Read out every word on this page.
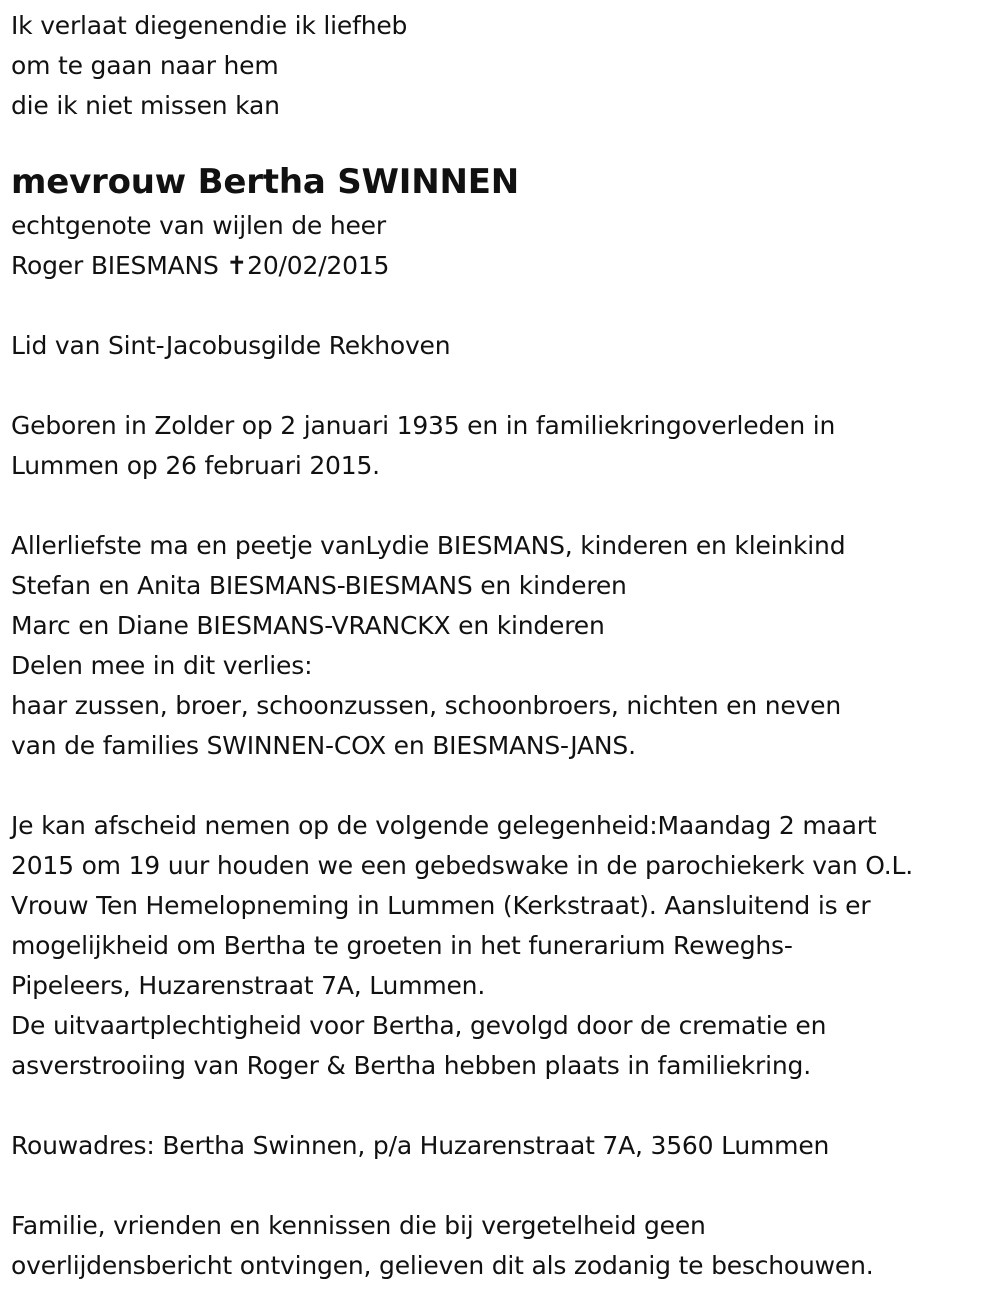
Ik verlaat diegenendie ik liefheb
om te gaan naar hem
die ik niet missen kan
mevrouw Bertha SWINNEN
echtgenote van wijlen de heer
Roger BIESMANS ✝20/02/2015
Lid van Sint-Jacobusgilde Rekhoven
Geboren in Zolder op 2 januari 1935 en in familiekringoverleden in
Lummen op 26 februari 2015.
Allerliefste ma en peetje vanLydie BIESMANS, kinderen en kleinkind
Stefan en Anita BIESMANS-BIESMANS en kinderen
Marc en Diane BIESMANS-VRANCKX en kinderen
Delen mee in dit verlies:
haar zussen, broer, schoonzussen, schoonbroers, nichten en neven
van de families SWINNEN-COX en BIESMANS-JANS.
Je kan afscheid nemen op de volgende gelegenheid:Maandag 2 maart
2015 om 19 uur houden we een gebedswake in de parochiekerk van O.L.
Vrouw Ten Hemelopneming in Lummen (Kerkstraat). Aansluitend is er
mogelijkheid om Bertha te groeten in het funerarium Reweghs-
Pipeleers, Huzarenstraat 7A, Lummen.
De uitvaartplechtigheid voor Bertha, gevolgd door de crematie en
asverstrooiing van Roger & Bertha hebben plaats in familiekring.
Rouwadres: Bertha Swinnen, p/a Huzarenstraat 7A, 3560 Lummen
Familie, vrienden en kennissen die bij vergetelheid geen
overlijdensbericht ontvingen, gelieven dit als zodanig te beschouwen.
